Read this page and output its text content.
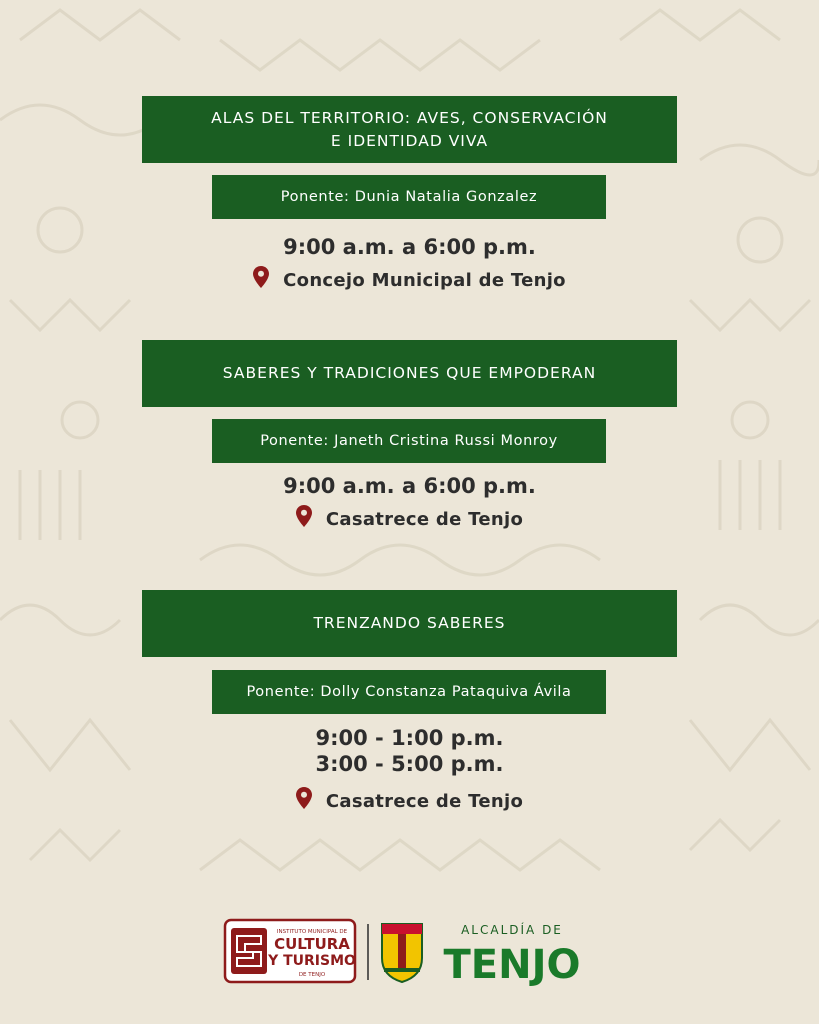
ALAS DEL TERRITORIO: AVES, CONSERVACIÓN
E IDENTIDAD VIVA
Ponente: Dunia Natalia Gonzalez
9:00 a.m. a 6:00 p.m.
Concejo Municipal de Tenjo
SABERES Y TRADICIONES QUE EMPODERAN
Ponente: Janeth Cristina Russi Monroy
9:00 a.m. a 6:00 p.m.
Casatrece de Tenjo
TRENZANDO SABERES
Ponente: Dolly Constanza Pataquiva Ávila
9:00 - 1:00 p.m.
3:00 - 5:00 p.m.
Casatrece de Tenjo
INSTITUTO MUNICIPAL DE
CULTURA
Y TURISMO
DE TENJO
ALCALDÍA DE
TENJO
